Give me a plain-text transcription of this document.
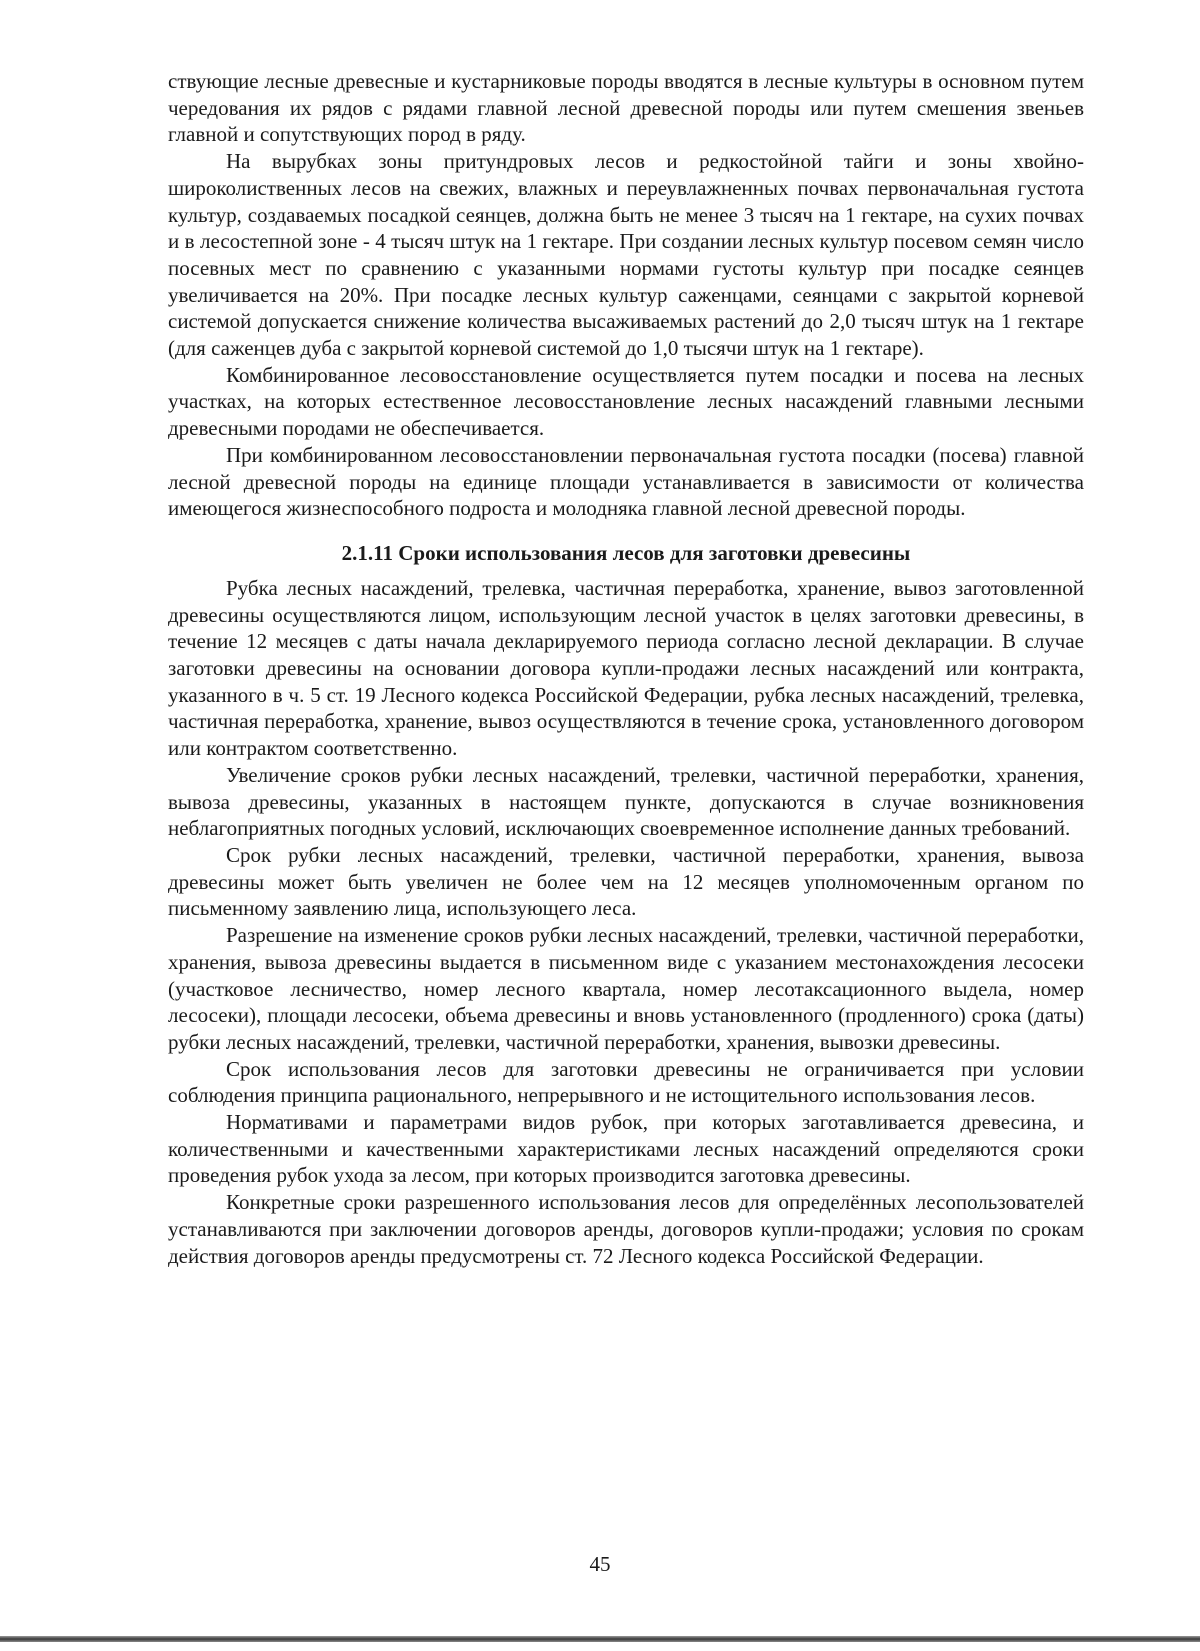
ствующие лесные древесные и кустарниковые породы вводятся в лесные культуры в основном путем чередования их рядов с рядами главной лесной древесной породы или путем смешения звеньев главной и сопутствующих пород в ряду.

На вырубках зоны притундровых лесов и редкостойной тайги и зоны хвойно-широколиственных лесов на свежих, влажных и переувлажненных почвах первоначальная густота культур, создаваемых посадкой сеянцев, должна быть не менее 3 тысяч на 1 гектаре, на сухих почвах и в лесостепной зоне - 4 тысяч штук на 1 гектаре. При создании лесных культур посевом семян число посевных мест по сравнению с указанными нормами густоты культур при посадке сеянцев увеличивается на 20%. При посадке лесных культур саженцами, сеянцами с закрытой корневой системой допускается снижение количества высаживаемых растений до 2,0 тысяч штук на 1 гектаре (для саженцев дуба с закрытой корневой системой до 1,0 тысячи штук на 1 гектаре).

Комбинированное лесовосстановление осуществляется путем посадки и посева на лесных участках, на которых естественное лесовосстановление лесных насаждений главными лесными древесными породами не обеспечивается.

При комбинированном лесовосстановлении первоначальная густота посадки (посева) главной лесной древесной породы на единице площади устанавливается в зависимости от количества имеющегося жизнеспособного подроста и молодняка главной лесной древесной породы.

2.1.11 Сроки использования лесов для заготовки древесины

Рубка лесных насаждений, трелевка, частичная переработка, хранение, вывоз заготовленной древесины осуществляются лицом, использующим лесной участок в целях заготовки древесины, в течение 12 месяцев с даты начала декларируемого периода согласно лесной декларации. В случае заготовки древесины на основании договора купли-продажи лесных насаждений или контракта, указанного в ч. 5 ст. 19 Лесного кодекса Российской Федерации, рубка лесных насаждений, трелевка, частичная переработка, хранение, вывоз осуществляются в течение срока, установленного договором или контрактом соответственно.

Увеличение сроков рубки лесных насаждений, трелевки, частичной переработки, хранения, вывоза древесины, указанных в настоящем пункте, допускаются в случае возникновения неблагоприятных погодных условий, исключающих своевременное исполнение данных требований.

Срок рубки лесных насаждений, трелевки, частичной переработки, хранения, вывоза древесины может быть увеличен не более чем на 12 месяцев уполномоченным органом по письменному заявлению лица, использующего леса.

Разрешение на изменение сроков рубки лесных насаждений, трелевки, частичной переработки, хранения, вывоза древесины выдается в письменном виде с указанием местонахождения лесосеки (участковое лесничество, номер лесного квартала, номер лесотаксационного выдела, номер лесосеки), площади лесосеки, объема древесины и вновь установленного (продленного) срока (даты) рубки лесных насаждений, трелевки, частичной переработки, хранения, вывозки древесины.

Срок использования лесов для заготовки древесины не ограничивается при условии соблюдения принципа рационального, непрерывного и не истощительного использования лесов.

Нормативами и параметрами видов рубок, при которых заготавливается древесина, и количественными и качественными характеристиками лесных насаждений определяются сроки проведения рубок ухода за лесом, при которых производится заготовка древесины.

Конкретные сроки разрешенного использования лесов для определённых лесопользователей устанавливаются при заключении договоров аренды, договоров купли-продажи; условия по срокам действия договоров аренды предусмотрены ст. 72 Лесного кодекса Российской Федерации.

45
